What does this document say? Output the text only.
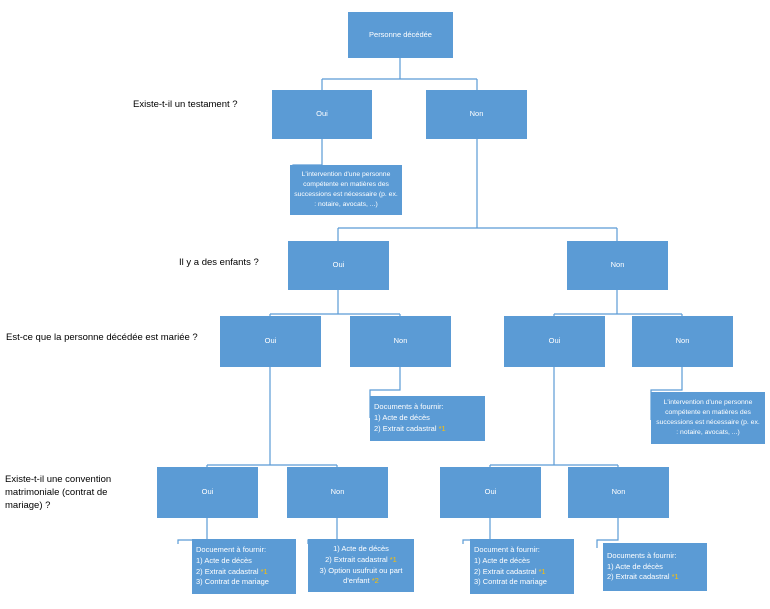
Existe-t-il un testament ?
Il y a des enfants ?
Est-ce que la personne décédée est mariée ?
Existe-t-il une convention matrimoniale (contrat de mariage) ?
Personne décédée
Oui	Non
L'intervention d'une personne compétente en matières des successions est nécessaire (p. ex. : notaire, avocats, ...)
Oui	Non
Oui	Non	Oui	Non
Documents à fournir:
1) Acte de décès
2) Extrait cadastral *1
L'intervention d'une personne compétente en matières des successions est nécessaire (p. ex. : notaire, avocats, ...)
Oui	Non	Oui	Non
Docuement à fournir:
1) Acte de décès
2) Extrait cadastral *1
3) Contrat de mariage
1) Acte de décès
2) Extrait cadastral *1
3) Option usufruit ou part d'enfant *2
Document à fournir:
1) Acte de décès
2) Extrait cadastral *1
3) Contrat de mariage
Documents à fournir:
1) Acte de décès
2) Extrait cadastral *1
